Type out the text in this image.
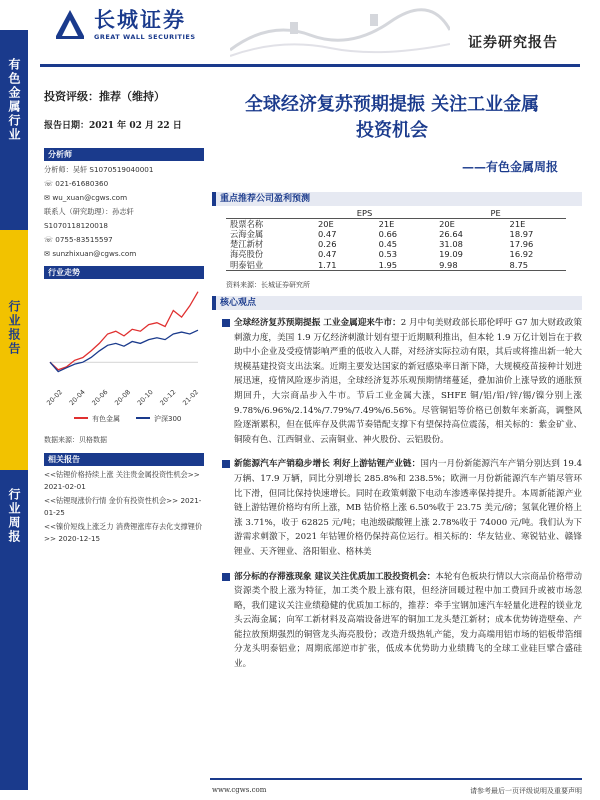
长城证券
GREAT WALL SECURITIES	证券研究报告
有色金属行业
行业报告
行业周报
投资评级：推荐（维持）
报告日期：2021 年 02 月 22 日
分析师
分析师：吴轩 S1070519040001
☏ 021-61680360
✉ wu_xuan@cgws.com
联系人（研究助理）：孙志轩
S1070118120018
☏ 0755-83515597
✉ sunzhixuan@cgws.com
行业走势
20-02 20-04 20-06 20-08 20-10 20-12 21-02
有色金属	沪深300
数据来源：贝格数据
相关报告
<<钴锂价格持续上涨 关注贵金属投资性机会>> 2021-02-01
<<钴锂现涨价行情 金价有投资性机会>> 2021-01-25
<<镍价短线上涨乏力 消费锂涨库存去化支撑锂价>> 2020-12-15
全球经济复苏预期提振 关注工业金属
投资机会
——有色金属周报
重点推荐公司盈利预测
	EPS		PE	
股票名称	20E	21E	20E	21E
云海金属	0.47	0.66	26.64	18.97
楚江新材	0.26	0.45	31.08	17.96
海亮股份	0.47	0.53	19.09	16.92
明泰铝业	1.71	1.95	9.98	8.75
资料来源：长城证券研究所
核心观点
全球经济复苏预期提振 工业金属迎来牛市：2 月中旬美财政部长耶伦呼吁 G7 加大财政政策刺激力度，美国 1.9 万亿经济刺激计划有望于近期顺利推出，但本轮 1.9 万亿计划旨在于救助中小企业及受疫情影响严重的低收入人群，对经济实际拉动有限，其后或将推出新一轮大规模基建投资支出法案。近期主要发达国家的新冠感染率日渐下降，大规模疫苗接种计划进展迅速，疫情风险逐步消退，全球经济复苏乐观预期情绪蔓延，叠加油价上涨导致的通胀预期回升，大宗商品步入牛市。节后工业金属大涨，SHFE 铜/铝/铅/锌/锡/镍分别上涨 9.78%/6.96%/2.14%/7.79%/7.49%/6.56%。尽管铜铝等价格已创数年来新高，调整风险逐渐累积，但在低库存及供需节奏错配支撑下有望保持高位震荡，相关标的：紫金矿业、铜陵有色、江西铜业、云南铜业、神火股份、云铝股份。
新能源汽车产销稳步增长 利好上游钴锂产业链：国内一月份新能源汽车产销分别达到 19.4 万辆、17.9 万辆，同比分别增长 285.8%和 238.5%；欧洲一月份新能源汽车产销尽管环比下滑，但同比保持快速增长。同时在政策刺激下电动车渗透率保持提升。本周新能源产业链上游钴锂价格均有所上涨，MB 钴价格上涨 6.50%收于 23.75 美元/磅；氢氧化锂价格上涨 3.71%，收于 62825 元/吨；电池级碳酸锂上涨 2.78%收于 74000 元/吨。我们认为下游需求刺激下，2021 年钴锂价格仍保持高位运行。相关标的：华友钴业、寒锐钴业、赣锋锂业、天齐锂业、洛阳钼业、格林美
部分标的存滞涨现象 建议关注优质加工股投资机会：本轮有色板块行情以大宗商品价格带动资源类个股上涨为特征，加工类个股上涨有限，但经济回暖过程中加工费回升或被市场忽略，我们建议关注业绩稳健的优质加工标的，推荐：牵手宝钢加速汽车轻量化进程的镁业龙头云海金属；向军工新材料及高端设备进军的铜加工龙头楚江新材；成本优势铸造壁垒、产能拉放预期强烈的铜管龙头海亮股份；改造升级热轧产能，发力高端用铝市场的铝板带箔细分龙头明泰铝业；周期底部逆市扩张，低成本优势助力业绩腾飞的全球工业硅巨擘合盛硅业。
www.cgws.com	请参考最后一页评级说明及重要声明
